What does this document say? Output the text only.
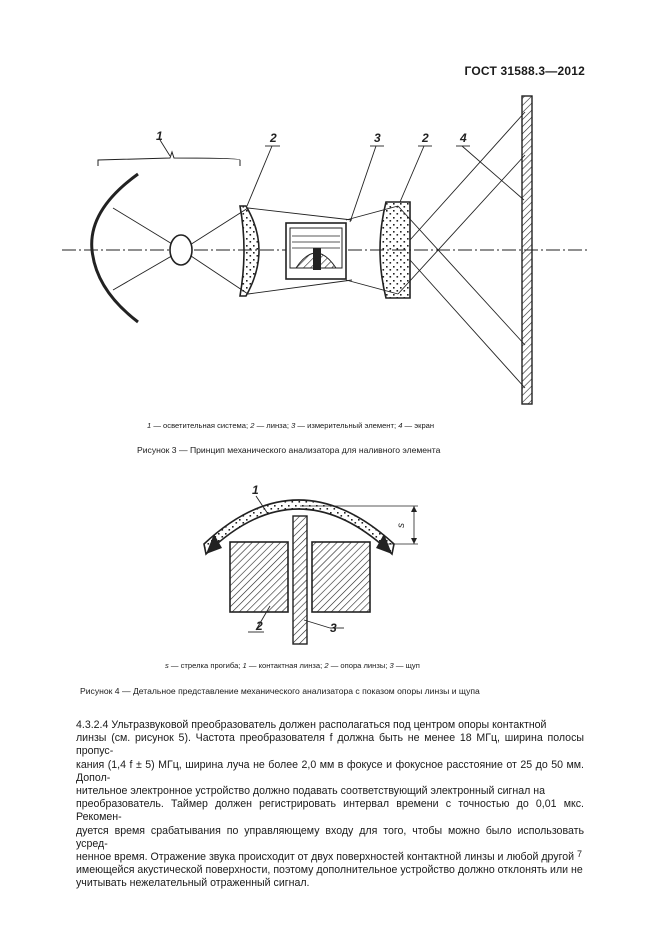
ГОСТ 31588.3—2012
1	2	3	2	4
1 — осветительная система; 2 — линза; 3 — измерительный элемент; 4 — экран
Рисунок 3 — Принцип механического анализатора для наливного элемента
1
s
2	3
s — стрелка прогиба; 1 — контактная линза; 2 — опора линзы; 3 — щуп
Рисунок 4 — Детальное представление механического анализатора с показом опоры линзы и щупа

4.3.2.4 Ультразвуковой преобразователь должен располагаться под центром опоры контактной

линзы (см. рисунок 5). Частота преобразователя f должна быть не менее 18 МГц, ширина полосы пропус-

кания (1,4 f ± 5) МГц, ширина луча не более 2,0 мм в фокусе и фокусное расстояние от 25 до 50 мм. Допол-

нительное электронное устройство должно подавать соответствующий электронный сигнал на

преобразователь. Таймер должен регистрировать интервал времени с точностью до 0,01 мкс. Рекомен-

дуется время срабатывания по управляющему входу для того, чтобы можно было использовать усред-

ненное время. Отражение звука происходит от двух поверхностей контактной линзы и любой другой

имеющейся акустической поверхности, поэтому дополнительное устройство должно отклонять или не

учитывать нежелательный отраженный сигнал.

7
